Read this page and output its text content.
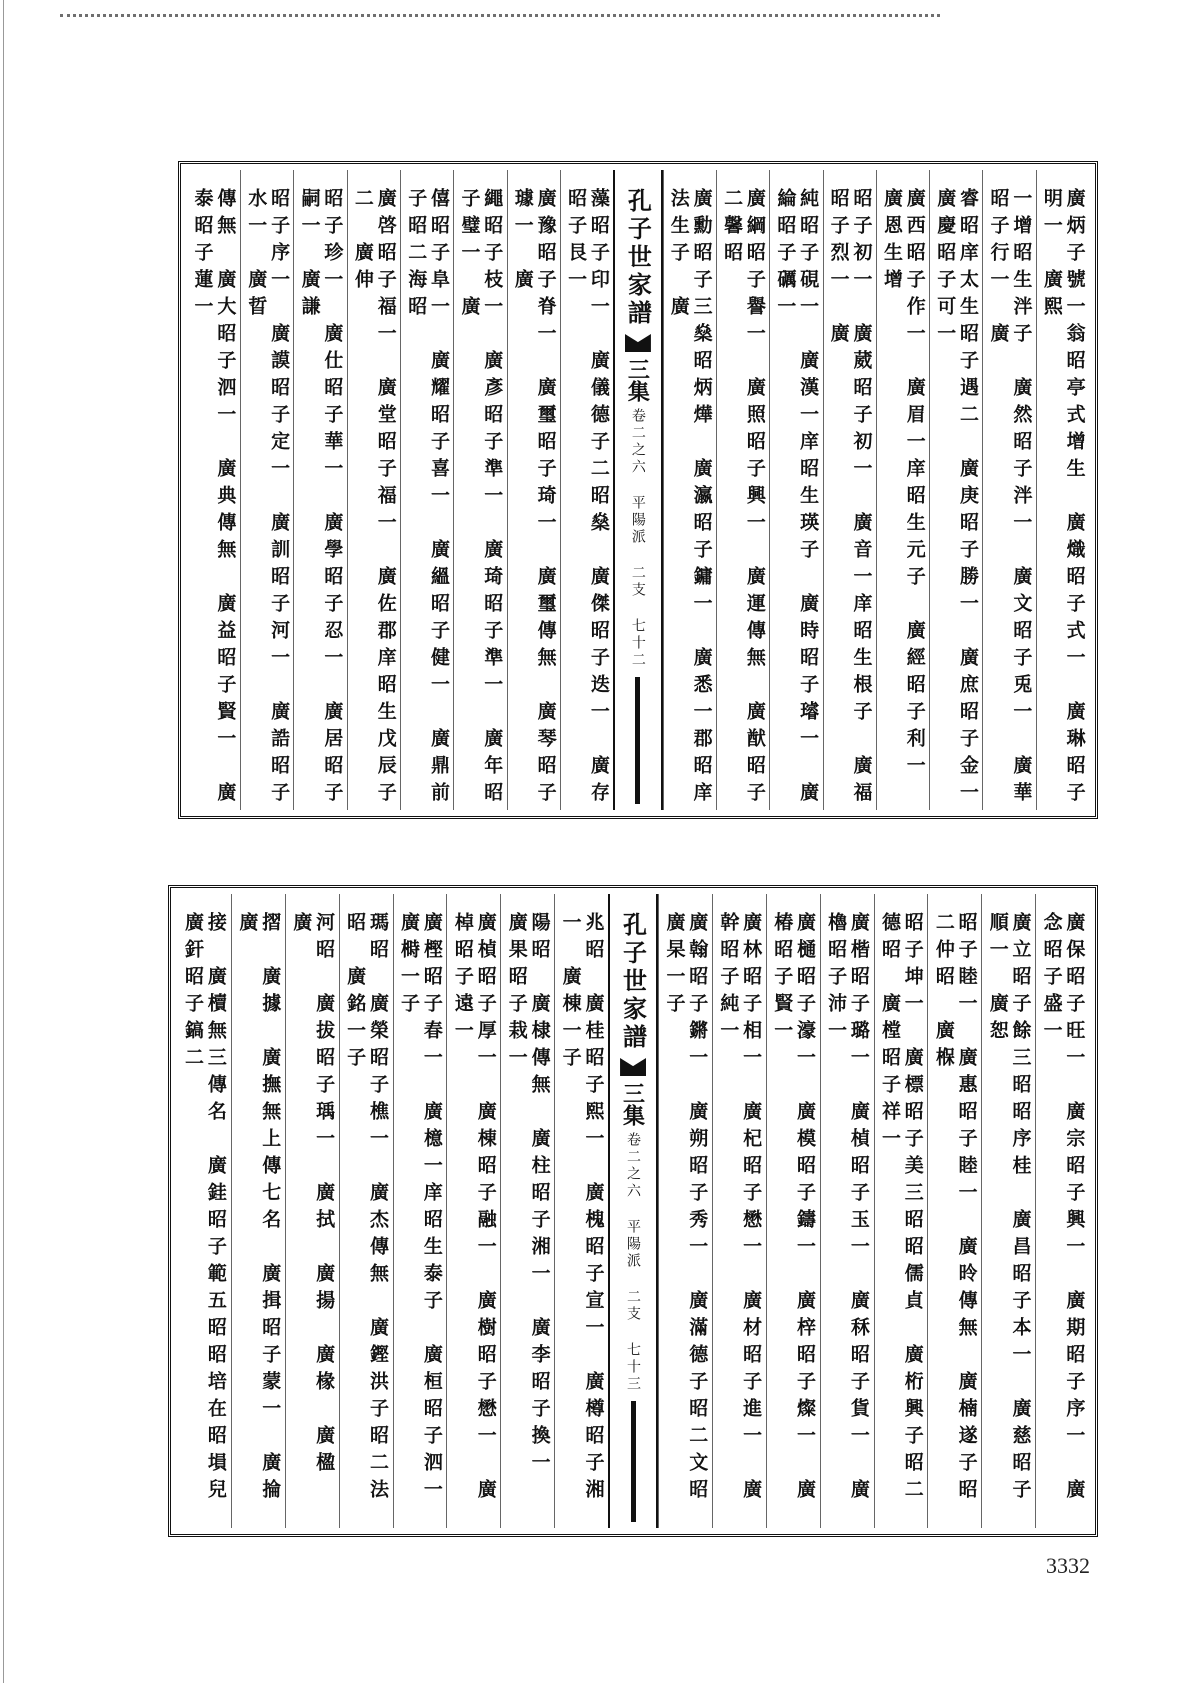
廣炳子號一翁昭亭式增生　廣熾昭子式一　廣琳昭子明一　廣熙
一增昭生泮子　廣然昭子泮一　廣文昭子兎一　廣華昭子行一　廣
睿昭庠太生昭子遇二　廣庚昭子勝一　廣庶昭子金一　廣慶昭子可一
廣西昭子作一　廣眉一庠昭生元子　廣經昭子利一　廣恩生增
昭子初一　廣葳昭子初一　廣音一庠昭生根子　廣福昭子烈一　廣
純昭子硯一　廣漢一庠昭生瑛子　廣時昭子璿一　廣綸昭子礪一
廣綱昭子譽一　廣照昭子興一　廣運傳無　廣猷昭子二馨昭
廣勳昭子三燊昭炳燁　廣瀛昭子鏞一　廣悉一郡昭庠法生子　廣
孔子世家譜
三集
卷二之六 平陽派 二支 七十二
藻昭子印一　廣儀德子二昭燊　廣傑昭子迭一　廣存昭子艮一
廣豫昭子脊一　廣璽昭子琦一　廣璽傳無　廣琴昭子璩一　廣
繩昭子枝一　廣彥昭子準一　廣琦昭子準一　廣年昭子璧一　廣
僖昭子阜一　廣耀昭子喜一　廣縕昭子健一　廣鼎前子昭二海昭
廣啓昭子福一　廣堂昭子福一　廣佐郡庠昭生戊辰子二　廣伸
昭子珍一　廣仕昭子華一　廣學昭子忍一　廣居昭子嗣一　廣謙
昭子序一　廣謨昭子定一　廣訓昭子河一　廣誥昭子水一　廣晢
傳無　廣大昭子泗一　廣典傳無　廣益昭子賢一　廣泰昭子蓮一
廣保昭子旺一　廣宗昭子興一　廣期昭子序一　廣念昭子盛一
廣立昭子餘三昭昭序桂　廣昌昭子本一　廣慈昭子順一　廣恕
昭子睦一　廣惠昭子睦一　廣昤傳無　廣楠遂子昭二仲昭　廣椺
昭子坤一　廣標昭子美三昭昭儒貞　廣桁興子昭二德昭　廣樘昭子祥一
廣楷昭子璐一　廣楨昭子玉一　廣秝昭子貨一　廣櫓昭子沛一
廣樋昭子濠一　廣模昭子鑄一　廣梓昭子燦一　廣椿昭子賢一
廣林昭子相一　廣杞昭子懋一　廣材昭子進一　廣幹昭子純一
廣翰昭子鏘一　廣朔昭子秀一　廣滿德子昭二文昭　廣杲一子
孔子世家譜
三集
卷二之六 平陽派 二支 七十三
兆昭　廣桂昭子熙一　廣槐昭子宣一　廣樽昭子湘一　廣棟一子
陽昭　廣棣傳無　廣柱昭子湘一　廣李昭子換一　廣果昭子栽一
廣楨昭子厚一　廣棟昭子融一　廣樹昭子懋一　廣棹昭子遠一
廣樫昭子春一　廣檍一庠昭生泰子　廣桓昭子泗一　廣榯一子
瑪昭　廣榮昭子樵一　廣杰傳無　廣鏗洪子昭二法昭　廣銘一子
河昭　廣拔昭子瑀一　廣拭　廣揚　廣椽　廣楹　廣
摺　廣據　廣撫無上傳七名　廣揖昭子蒙一　廣掄　廣
接　廣櫝無三傳名　廣銈昭子範五昭昭培在昭塤兒　廣釬昭子鎬二
3332
